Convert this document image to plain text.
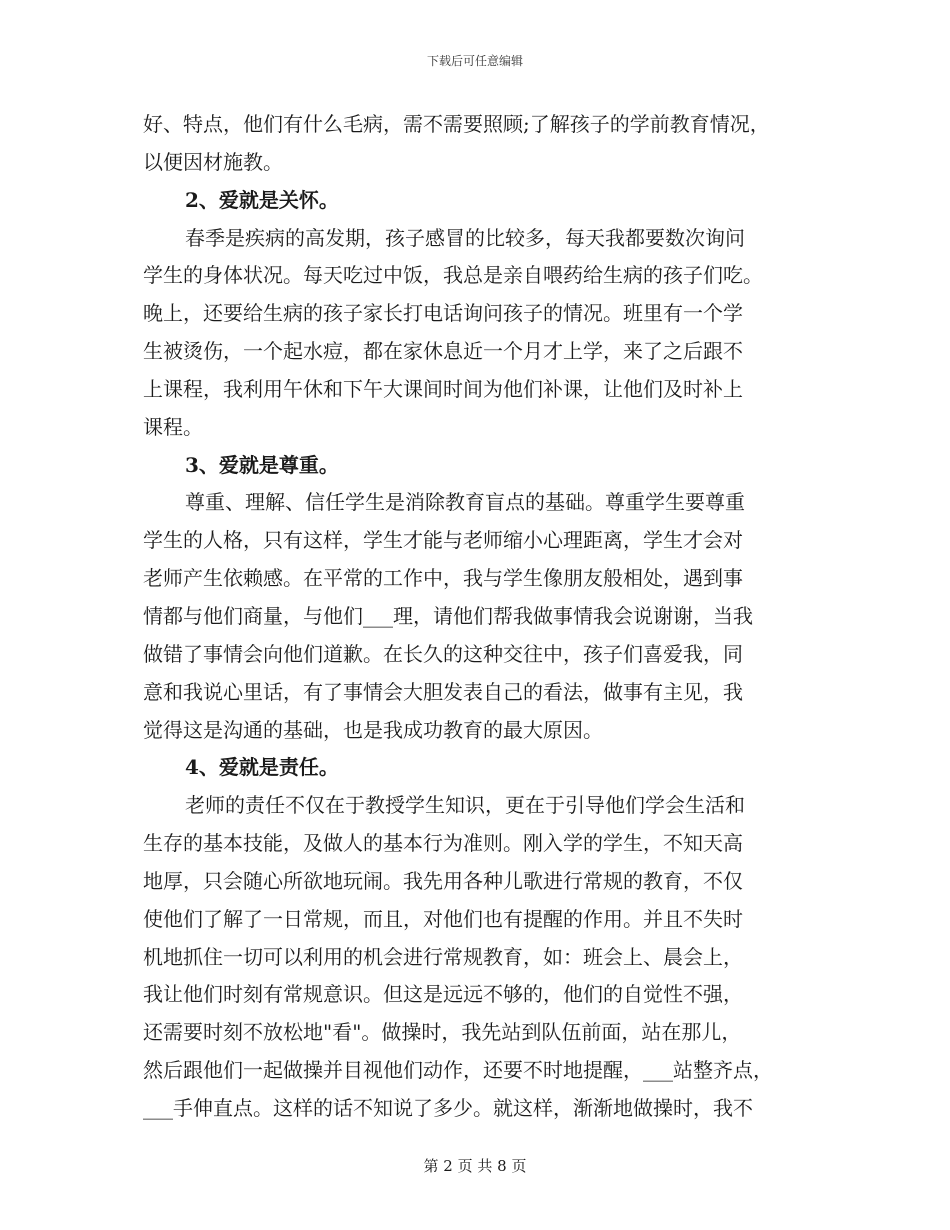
下载后可任意编辑
好、特点，他们有什么毛病，需不需要照顾;了解孩子的学前教育情况，
以便因材施教。
2、爱就是关怀。
春季是疾病的高发期，孩子感冒的比较多，每天我都要数次询问
学生的身体状况。每天吃过中饭，我总是亲自喂药给生病的孩子们吃。
晚上，还要给生病的孩子家长打电话询问孩子的情况。班里有一个学
生被烫伤，一个起水痘，都在家休息近一个月才上学，来了之后跟不
上课程，我利用午休和下午大课间时间为他们补课，让他们及时补上
课程。
3、爱就是尊重。
尊重、理解、信任学生是消除教育盲点的基础。尊重学生要尊重
学生的人格，只有这样，学生才能与老师缩小心理距离，学生才会对
老师产生依赖感。在平常的工作中，我与学生像朋友般相处，遇到事
情都与他们商量，与他们___理，请他们帮我做事情我会说谢谢，当我
做错了事情会向他们道歉。在长久的这种交往中，孩子们喜爱我，同
意和我说心里话，有了事情会大胆发表自己的看法，做事有主见，我
觉得这是沟通的基础，也是我成功教育的最大原因。
4、爱就是责任。
老师的责任不仅在于教授学生知识，更在于引导他们学会生活和
生存的基本技能，及做人的基本行为准则。刚入学的学生，不知天高
地厚，只会随心所欲地玩闹。我先用各种儿歌进行常规的教育，不仅
使他们了解了一日常规，而且，对他们也有提醒的作用。并且不失时
机地抓住一切可以利用的机会进行常规教育，如：班会上、晨会上，
我让他们时刻有常规意识。但这是远远不够的，他们的自觉性不强，
还需要时刻不放松地"看"。做操时，我先站到队伍前面，站在那儿，
然后跟他们一起做操并目视他们动作，还要不时地提醒，___站整齐点，
___手伸直点。这样的话不知说了多少。就这样，渐渐地做操时，我不
第 2 页 共 8 页
